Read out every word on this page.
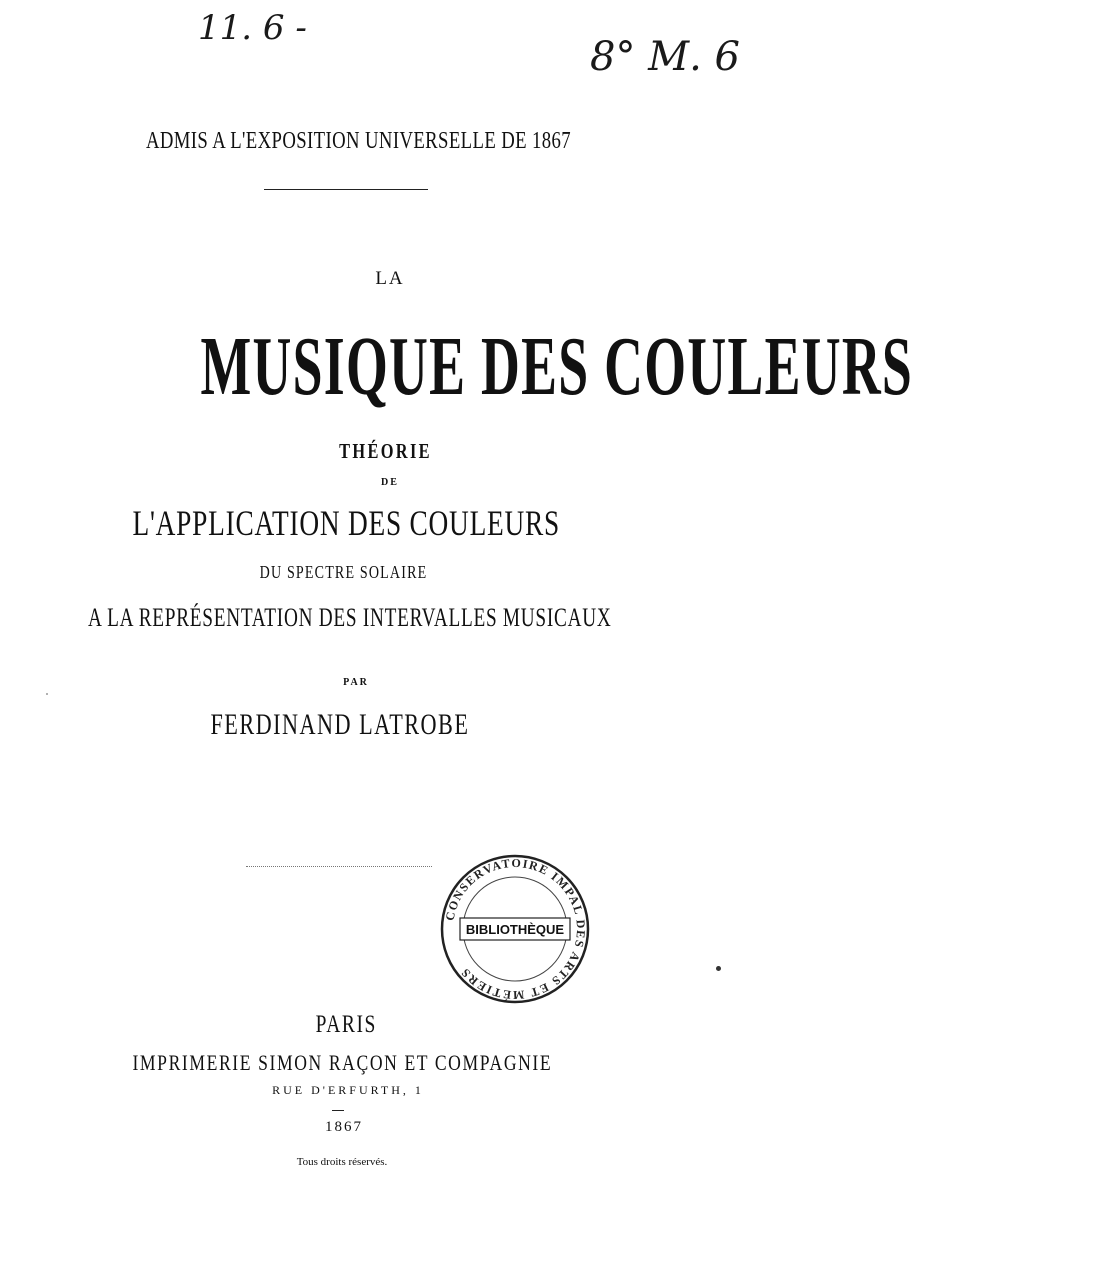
11. 6 -
8° M. 6
ADMIS A L'EXPOSITION UNIVERSELLE DE 1867
LA
MUSIQUE DES COULEURS
THÉORIE
DE
L'APPLICATION DES COULEURS
DU SPECTRE SOLAIRE
A LA REPRÉSENTATION DES INTERVALLES MUSICAUX
PAR
FERDINAND LATROBE
CONSERVATOIRE IMPAL DES ARTS ET MÉTIERS
BIBLIOTHÈQUE
PARIS
IMPRIMERIE SIMON RAÇON ET COMPAGNIE
RUE D'ERFURTH, 1
1867
Tous droits réservés.
